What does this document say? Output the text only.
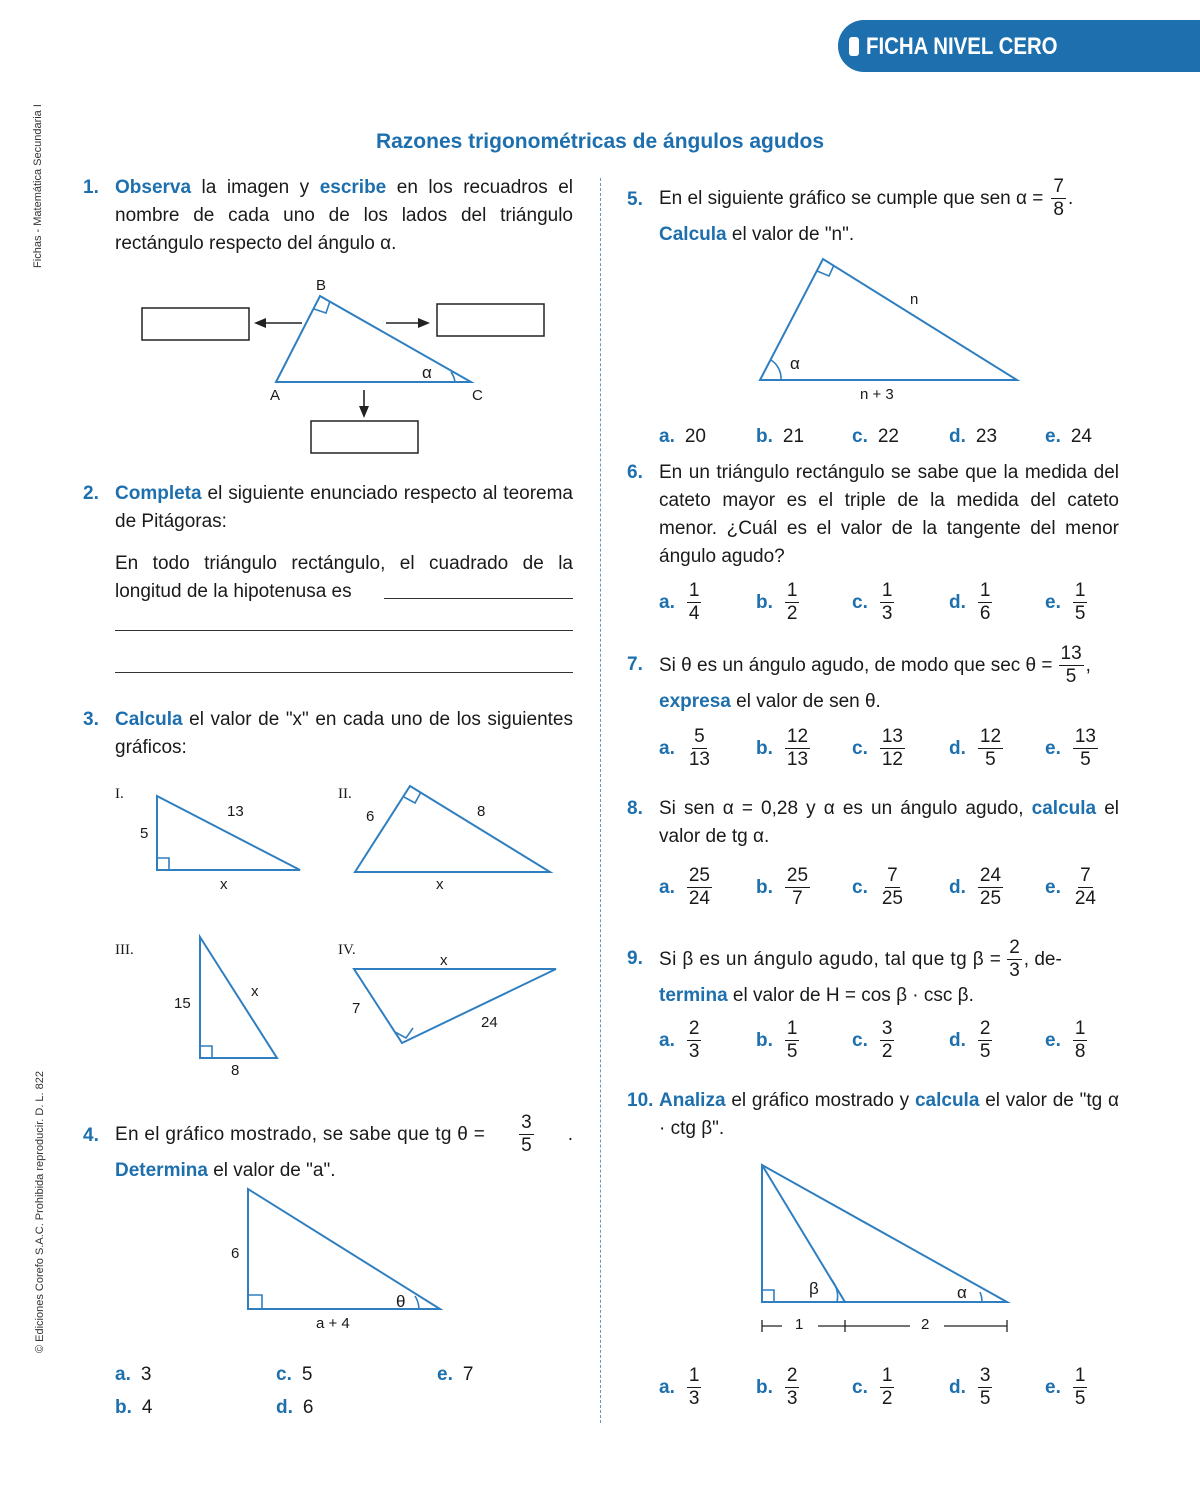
FICHA NIVEL CERO
Fichas - Matemática Secundaria I
© Ediciones Corefo S.A.C. Prohibida reproducir. D. L. 822
Razones trigonométricas de ángulos agudos
1. Observa la imagen y escribe en los recuadros el nombre de cada uno de los lados del triángulo rectángulo respecto del ángulo α.
B
A	C
α
2. Completa el siguiente enunciado respecto al teorema de Pitágoras:
En todo triángulo rectángulo, el cuadrado de la longitud de la hipotenusa es
3. Calcula el valor de "x" en cada uno de los siguientes gráficos:
I.
5
13
x
II.
6	8
x
III.
15
x
8
IV.
x
7
24
4. En el gráfico mostrado, se sabe que tg $\theta = \frac{3}{5}$ .
Determina el valor de "a".
6
a + 4
θ
a. 3	c. 5	e. 7
b. 4	d. 6
5. En el siguiente gráfico se cumple que sen $\alpha = \frac{7}{8}$ .
Calcula el valor de "n".
n
n + 3
α
a. 20	b. 21	c. 22	d. 23	e. 24
6. En un triángulo rectángulo se sabe que la medida del cateto mayor es el triple de la medida del cateto menor. ¿Cuál es el valor de la tangente del menor ángulo agudo?
a. $\frac{1}{4}$	b. $\frac{1}{2}$	c. $\frac{1}{3}$	d. $\frac{1}{6}$	e. $\frac{1}{5}$
7. Si θ es un ángulo agudo, de modo que $\sec \theta = \frac{13}{5}$ ,
expresa el valor de sen θ.
a. $\frac{5}{13} b$. $\frac{12}{13} c$. $\frac{13}{12} d$. $\frac{12}{5} e$. $\frac{13}{5}$
8. Si sen α = 0,28 y α es un ángulo agudo, calcula el valor de tg α.
a. $\frac{25}{24} b$. $\frac{25}{7} c$. $\frac{7}{25} d$. $\frac{24}{25} e$. $\frac{7}{24}$
9. Si β es un ángulo agudo, tal que tg $\beta = \frac{2}{3}$ , de-
termina el valor de H = cos β · csc β.
a. $\frac{2}{3}$	b. $\frac{1}{5}$	c. $\frac{3}{2}$	d. $\frac{2}{5}$	e. $\frac{1}{8}$
10. Analiza el gráfico mostrado y calcula el valor de "tg α · ctg β".
β	α
1	2
a. $\frac{1}{3}$	b. $\frac{2}{3}$	c. $\frac{1}{2}$	d. $\frac{3}{5}$	e. $\frac{1}{5}$
